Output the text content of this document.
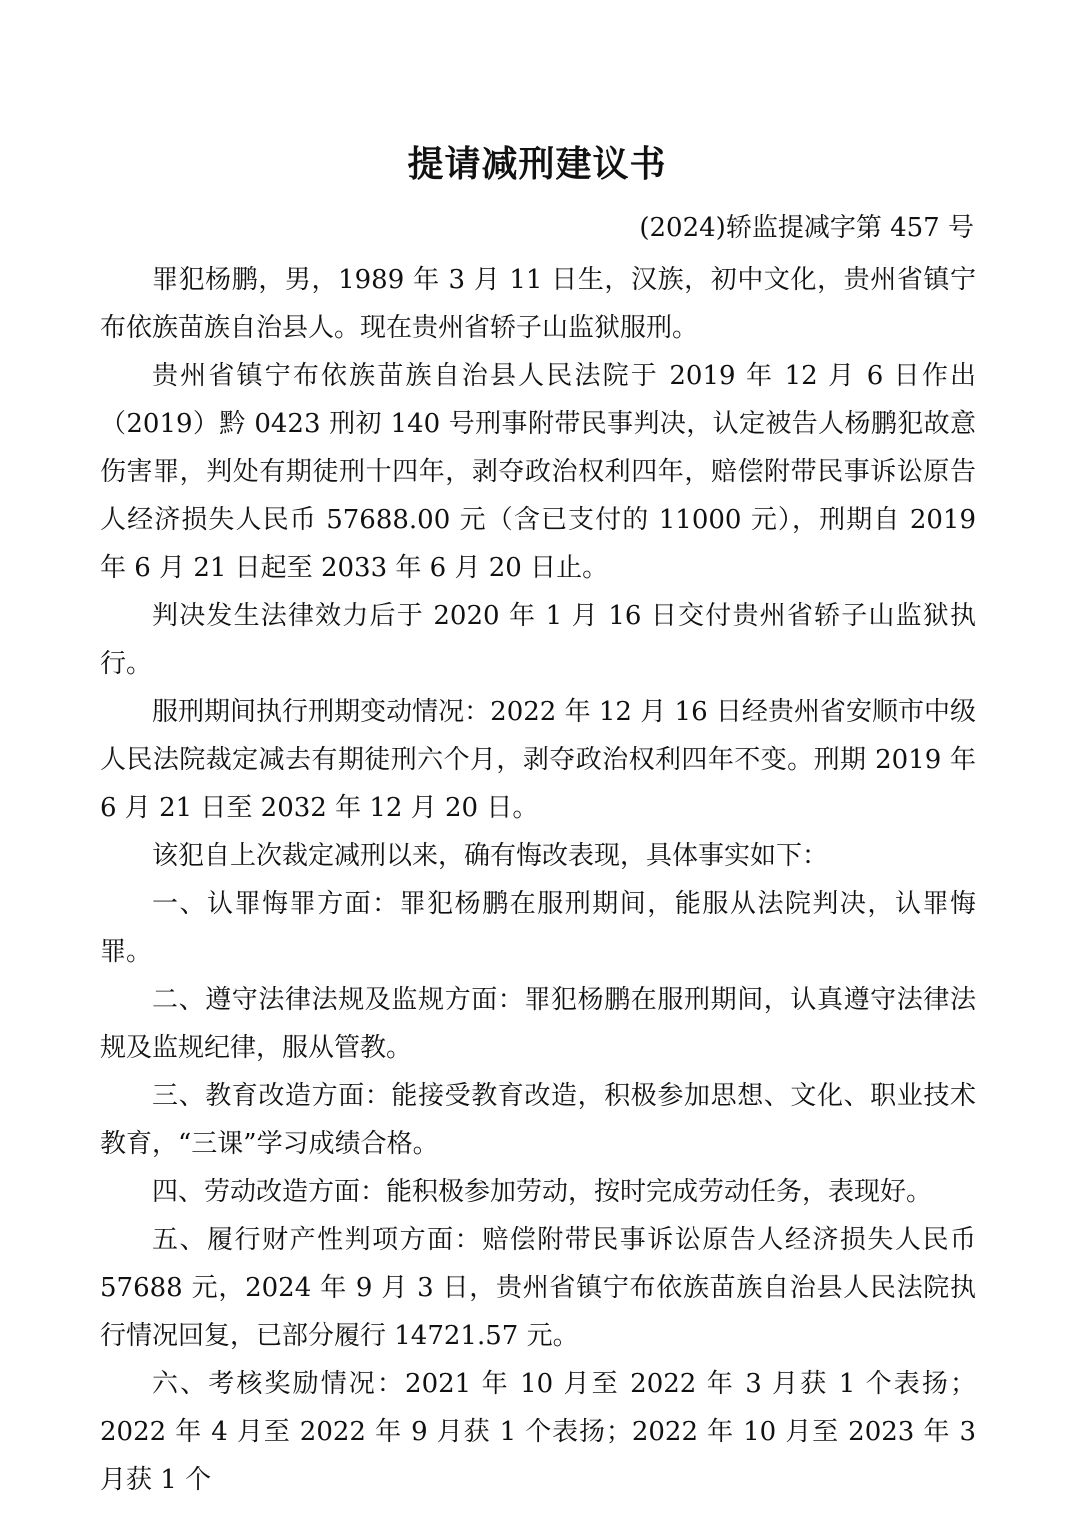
提请减刑建议书
(2024)轿监提减字第 457 号

罪犯杨鹏，男，1989 年 3 月 11 日生，汉族，初中文化，贵州省镇宁布依族苗族自治县人。现在贵州省轿子山监狱服刑。

贵州省镇宁布依族苗族自治县人民法院于 2019 年 12 月 6 日作出（2019）黔 0423 刑初 140 号刑事附带民事判决，认定被告人杨鹏犯故意伤害罪，判处有期徒刑十四年，剥夺政治权利四年，赔偿附带民事诉讼原告人经济损失人民币 57688.00 元（含已支付的 11000 元），刑期自 2019 年 6 月 21 日起至 2033 年 6 月 20 日止。

判决发生法律效力后于 2020 年 1 月 16 日交付贵州省轿子山监狱执行。

服刑期间执行刑期变动情况：2022 年 12 月 16 日经贵州省安顺市中级人民法院裁定减去有期徒刑六个月，剥夺政治权利四年不变。刑期 2019 年 6 月 21 日至 2032 年 12 月 20 日。

该犯自上次裁定减刑以来，确有悔改表现，具体事实如下：

一、认罪悔罪方面：罪犯杨鹏在服刑期间，能服从法院判决，认罪悔罪。

二、遵守法律法规及监规方面：罪犯杨鹏在服刑期间，认真遵守法律法规及监规纪律，服从管教。

三、教育改造方面：能接受教育改造，积极参加思想、文化、职业技术教育，“三课”学习成绩合格。

四、劳动改造方面：能积极参加劳动，按时完成劳动任务，表现好。

五、履行财产性判项方面：赔偿附带民事诉讼原告人经济损失人民币 57688 元，2024 年 9 月 3 日，贵州省镇宁布依族苗族自治县人民法院执行情况回复，已部分履行 14721.57 元。

六、考核奖励情况：2021 年 10 月至 2022 年 3 月获 1 个表扬；2022 年 4 月至 2022 年 9 月获 1 个表扬；2022 年 10 月至 2023 年 3 月获 1 个
